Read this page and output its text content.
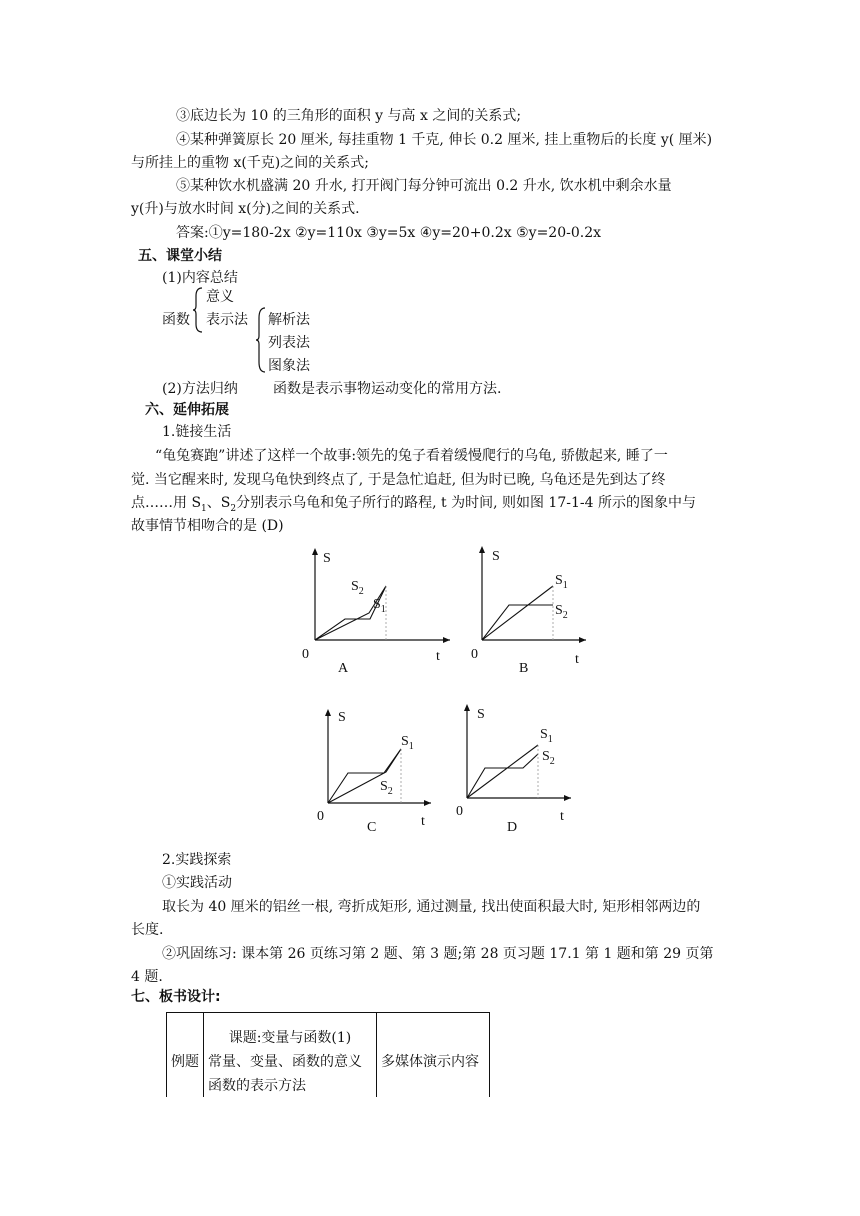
③底边长为 10 的三角形的面积 y 与高 x 之间的关系式;
④某种弹簧原长 20 厘米, 每挂重物 1 千克, 伸长 0.2 厘米, 挂上重物后的长度 y( 厘米)
与所挂上的重物 x(千克)之间的关系式;
⑤某种饮水机盛满 20 升水, 打开阀门每分钟可流出 0.2 升水, 饮水机中剩余水量
y(升)与放水时间 x(分)之间的关系式.
答案:①y=180-2x ②y=110x ③y=5x ④y=20+0.2x ⑤y=20-0.2x
五、课堂小结
(1)内容总结
函数
意义
表示法 解析法
列表法
图象法
(2)方法归纳	函数是表示事物运动变化的常用方法.
六、延伸拓展
1.链接生活
“龟兔赛跑”讲述了这样一个故事:领先的兔子看着缓慢爬行的乌龟, 骄傲起来, 睡了一
觉. 当它醒来时, 发现乌龟快到终点了, 于是急忙追赶, 但为时已晚, 乌龟还是先到达了终
点……用 $S_1$、$S_2$分别表示乌龟和兔子所行的路程, t 为时间, 则如图 17-1-4 所示的图象中与
故事情节相吻合的是 (D)
S
t
0
$S_2$
$S_1$
A
S
t
0
$S_1$
$S_2$
B
S
t
0
$S_1$
$S_2$
C
S
t
0
$S_1$
$S_2$
D
2.实践探索
①实践活动
取长为 40 厘米的铝丝一根, 弯折成矩形, 通过测量, 找出使面积最大时, 矩形相邻两边的
长度.
②巩固练习: 课本第 26 页练习第 2 题、第 3 题;第 28 页习题 17.1 第 1 题和第 29 页第
4 题.
七、板书设计:

	课题:变量与函数(1)	
例题	常量、变量、函数的意义	多媒体演示内容
	函数的表示方法	
